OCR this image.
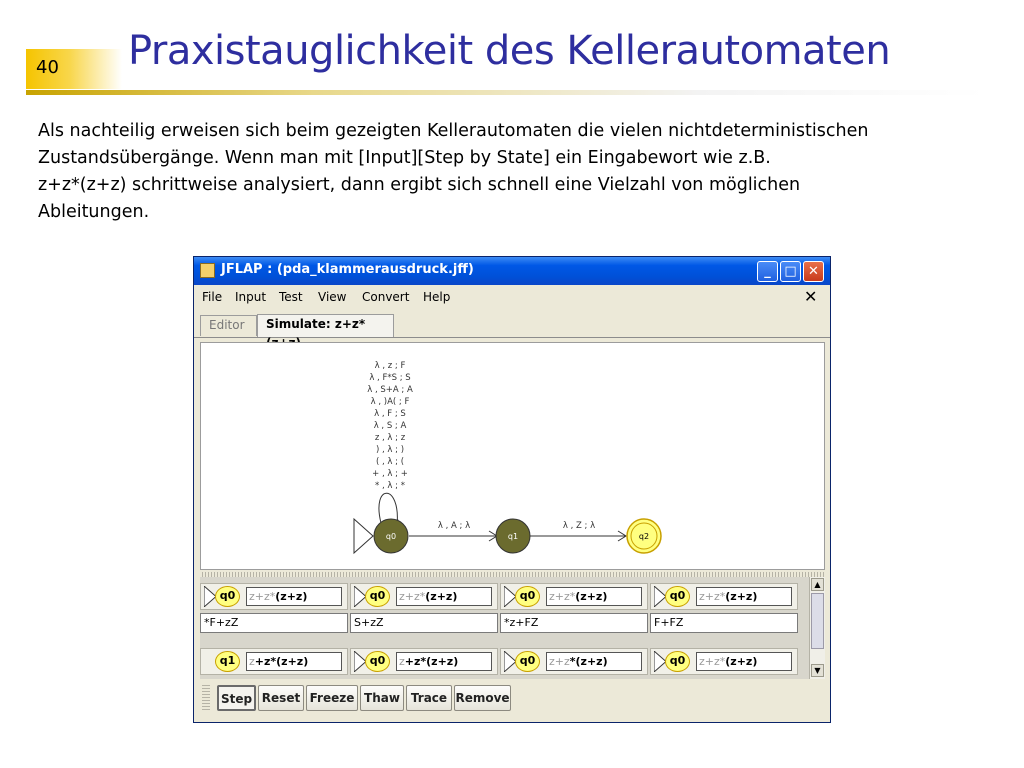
40 Praxistauglichkeit des Kellerautomaten
Als nachteilig erweisen sich beim gezeigten Kellerautomaten die vielen nichtdeterministischen
Zustandsübergänge. Wenn man mit [Input][Step by State] ein Eingabewort wie z.B.
z+z*(z+z) schrittweise analysiert, dann ergibt sich schnell eine Vielzahl von möglichen
Ableitungen.
JFLAP : (pda_klammerausdruck.jff)	_	□ ✕
File Input Test View Convert Help	✕
Editor	Simulate: z+z*
λ , z ; F
λ , F*S ; S
λ , S+A ; A
λ , )A( ; F
λ , F ; S
λ , S ; A
z , λ ; z
) , λ ; )
( , λ ; (
+ , λ ; +
* , λ ; *
λ , A ; λ	λ , Z ; λ
q0	q1	q2
q0	z+z*(z+z)	q0	z+z*(z+z)	q0	z+z*(z+z)	q0	z+z*(z+z)
*F+zZ	S+zZ	*z+FZ	F+FZ
q1	z+z*(z+z)	q0	z+z*(z+z)	q0	z+z*(z+z)	q0	z+z*(z+z)
▲
▼
Step Reset Freeze Thaw Trace Remove
